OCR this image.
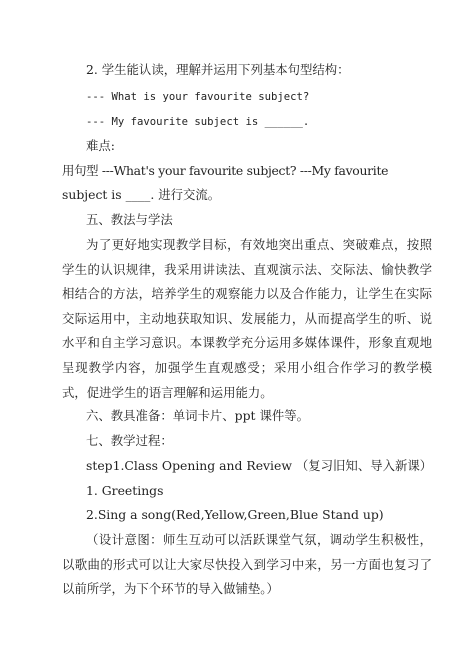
2. 学生能认读，理解并运用下列基本句型结构：
--- What is your favourite subject?
--- My favourite subject is ______.
难点:
用句型 ---What's your favourite subject? ---My favourite
subject is ____. 进行交流。
五、教法与学法

为了更好地实现教学目标，有效地突出重点、突破难点，按照学生的认识规律，我采用讲读法、直观演示法、交际法、愉快教学相结合的方法，培养学生的观察能力以及合作能力，让学生在实际交际运用中，主动地获取知识、发展能力，从而提高学生的听、说水平和自主学习意识。本课教学充分运用多媒体课件，形象直观地呈现教学内容，加强学生直观感受；采用小组合作学习的教学模式，促进学生的语言理解和运用能力。

六、教具准备：单词卡片、ppt 课件等。
七、教学过程：
step1.Class Opening and Review （复习旧知、导入新课）
1. Greetings
2.Sing a song(Red,Yellow,Green,Blue Stand up)

（设计意图：师生互动可以活跃课堂气氛，调动学生积极性，以歌曲的形式可以让大家尽快投入到学习中来，另一方面也复习了以前所学，为下个环节的导入做铺垫。）
